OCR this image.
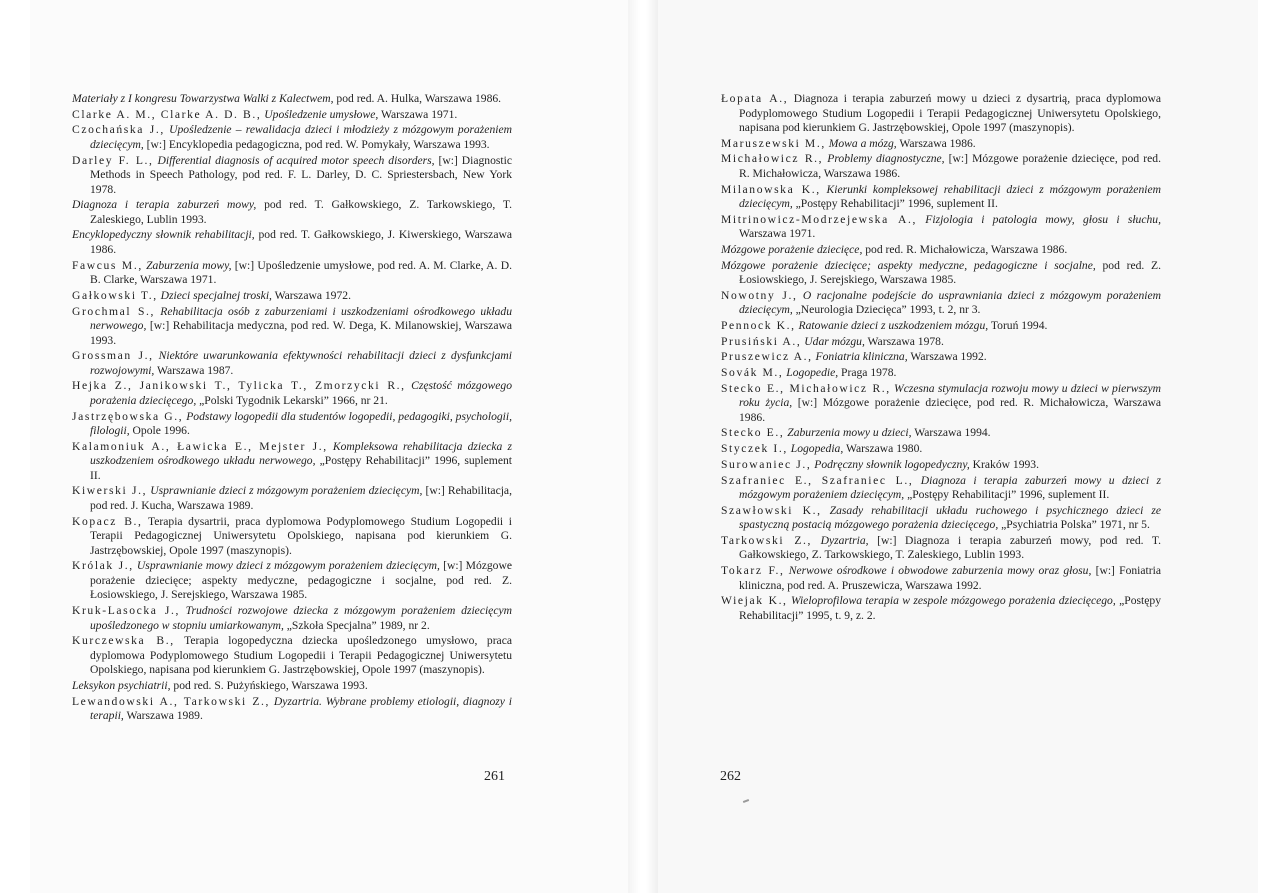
Materiały z I kongresu Towarzystwa Walki z Kalectwem, pod red. A. Hulka, Warszawa 1986.

Clarke A. M., Clarke A. D. B., Upośledzenie umysłowe, Warszawa 1971.

Czochańska J., Upośledzenie – rewalidacja dzieci i młodzieży z mózgowym porażeniem dziecięcym, [w:] Encyklopedia pedagogiczna, pod red. W. Pomykały, Warszawa 1993.

Darley F. L., Differential diagnosis of acquired motor speech disorders, [w:] Diagnostic Methods in Speech Pathology, pod red. F. L. Darley, D. C. Spriestersbach, New York 1978.

Diagnoza i terapia zaburzeń mowy, pod red. T. Gałkowskiego, Z. Tarkowskiego, T. Zaleskiego, Lublin 1993.

Encyklopedyczny słownik rehabilitacji, pod red. T. Gałkowskiego, J. Kiwerskiego, Warszawa 1986.

Fawcus M., Zaburzenia mowy, [w:] Upośledzenie umysłowe, pod red. A. M. Clarke, A. D. B. Clarke, Warszawa 1971.

Gałkowski T., Dzieci specjalnej troski, Warszawa 1972.

Grochmal S., Rehabilitacja osób z zaburzeniami i uszkodzeniami ośrodkowego układu nerwowego, [w:] Rehabilitacja medyczna, pod red. W. Dega, K. Milanowskiej, Warszawa 1993.

Grossman J., Niektóre uwarunkowania efektywności rehabilitacji dzieci z dysfunkcjami rozwojowymi, Warszawa 1987.

Hejka Z., Janikowski T., Tylicka T., Zmorzycki R., Częstość mózgowego porażenia dziecięcego, „Polski Tygodnik Lekarski” 1966, nr 21.

Jastrzębowska G., Podstawy logopedii dla studentów logopedii, pedagogiki, psychologii, filologii, Opole 1996.

Kalamoniuk A., Ławicka E., Mejster J., Kompleksowa rehabilitacja dziecka z uszkodzeniem ośrodkowego układu nerwowego, „Postępy Rehabilitacji” 1996, suplement II.

Kiwerski J., Usprawnianie dzieci z mózgowym porażeniem dziecięcym, [w:] Rehabilitacja, pod red. J. Kucha, Warszawa 1989.

Kopacz B., Terapia dysartrii, praca dyplomowa Podyplomowego Studium Logopedii i Terapii Pedagogicznej Uniwersytetu Opolskiego, napisana pod kierunkiem G. Jastrzębowskiej, Opole 1997 (maszynopis).

Królak J., Usprawnianie mowy dzieci z mózgowym porażeniem dziecięcym, [w:] Mózgowe porażenie dziecięce; aspekty medyczne, pedagogiczne i socjalne, pod red. Z. Łosiowskiego, J. Serejskiego, Warszawa 1985.

Kruk-Lasocka J., Trudności rozwojowe dziecka z mózgowym porażeniem dziecięcym upośledzonego w stopniu umiarkowanym, „Szkoła Specjalna” 1989, nr 2.

Kurczewska B., Terapia logopedyczna dziecka upośledzonego umysłowo, praca dyplomowa Podyplomowego Studium Logopedii i Terapii Pedagogicznej Uniwersytetu Opolskiego, napisana pod kierunkiem G. Jastrzębowskiej, Opole 1997 (maszynopis).

Leksykon psychiatrii, pod red. S. Pużyńskiego, Warszawa 1993.

Lewandowski A., Tarkowski Z., Dyzartria. Wybrane problemy etiologii, diagnozy i terapii, Warszawa 1989.

Łopata A., Diagnoza i terapia zaburzeń mowy u dzieci z dysartrią, praca dyplomowa Podyplomowego Studium Logopedii i Terapii Pedagogicznej Uniwersytetu Opolskiego, napisana pod kierunkiem G. Jastrzębowskiej, Opole 1997 (maszynopis).

Maruszewski M., Mowa a mózg, Warszawa 1986.

Michałowicz R., Problemy diagnostyczne, [w:] Mózgowe porażenie dziecięce, pod red. R. Michałowicza, Warszawa 1986.

Milanowska K., Kierunki kompleksowej rehabilitacji dzieci z mózgowym porażeniem dziecięcym, „Postępy Rehabilitacji” 1996, suplement II.

Mitrinowicz-Modrzejewska A., Fizjologia i patologia mowy, głosu i słuchu, Warszawa 1971.

Mózgowe porażenie dziecięce, pod red. R. Michałowicza, Warszawa 1986.

Mózgowe porażenie dziecięce; aspekty medyczne, pedagogiczne i socjalne, pod red. Z. Łosiowskiego, J. Serejskiego, Warszawa 1985.

Nowotny J., O racjonalne podejście do usprawniania dzieci z mózgowym porażeniem dziecięcym, „Neurologia Dziecięca” 1993, t. 2, nr 3.

Pennock K., Ratowanie dzieci z uszkodzeniem mózgu, Toruń 1994.

Prusiński A., Udar mózgu, Warszawa 1978.

Pruszewicz A., Foniatria kliniczna, Warszawa 1992.

Sovák M., Logopedie, Praga 1978.

Stecko E., Michałowicz R., Wczesna stymulacja rozwoju mowy u dzieci w pierwszym roku życia, [w:] Mózgowe porażenie dziecięce, pod red. R. Michałowicza, Warszawa 1986.

Stecko E., Zaburzenia mowy u dzieci, Warszawa 1994.

Styczek I., Logopedia, Warszawa 1980.

Surowaniec J., Podręczny słownik logopedyczny, Kraków 1993.

Szafraniec E., Szafraniec L., Diagnoza i terapia zaburzeń mowy u dzieci z mózgowym porażeniem dziecięcym, „Postępy Rehabilitacji” 1996, suplement II.

Szawłowski K., Zasady rehabilitacji układu ruchowego i psychicznego dzieci ze spastyczną postacią mózgowego porażenia dziecięcego, „Psychiatria Polska” 1971, nr 5.

Tarkowski Z., Dyzartria, [w:] Diagnoza i terapia zaburzeń mowy, pod red. T. Gałkowskiego, Z. Tarkowskiego, T. Zaleskiego, Lublin 1993.

Tokarz F., Nerwowe ośrodkowe i obwodowe zaburzenia mowy oraz głosu, [w:] Foniatria kliniczna, pod red. A. Pruszewicza, Warszawa 1992.

Wiejak K., Wieloprofilowa terapia w zespole mózgowego porażenia dziecięcego, „Postępy Rehabilitacji” 1995, t. 9, z. 2.

261	262
